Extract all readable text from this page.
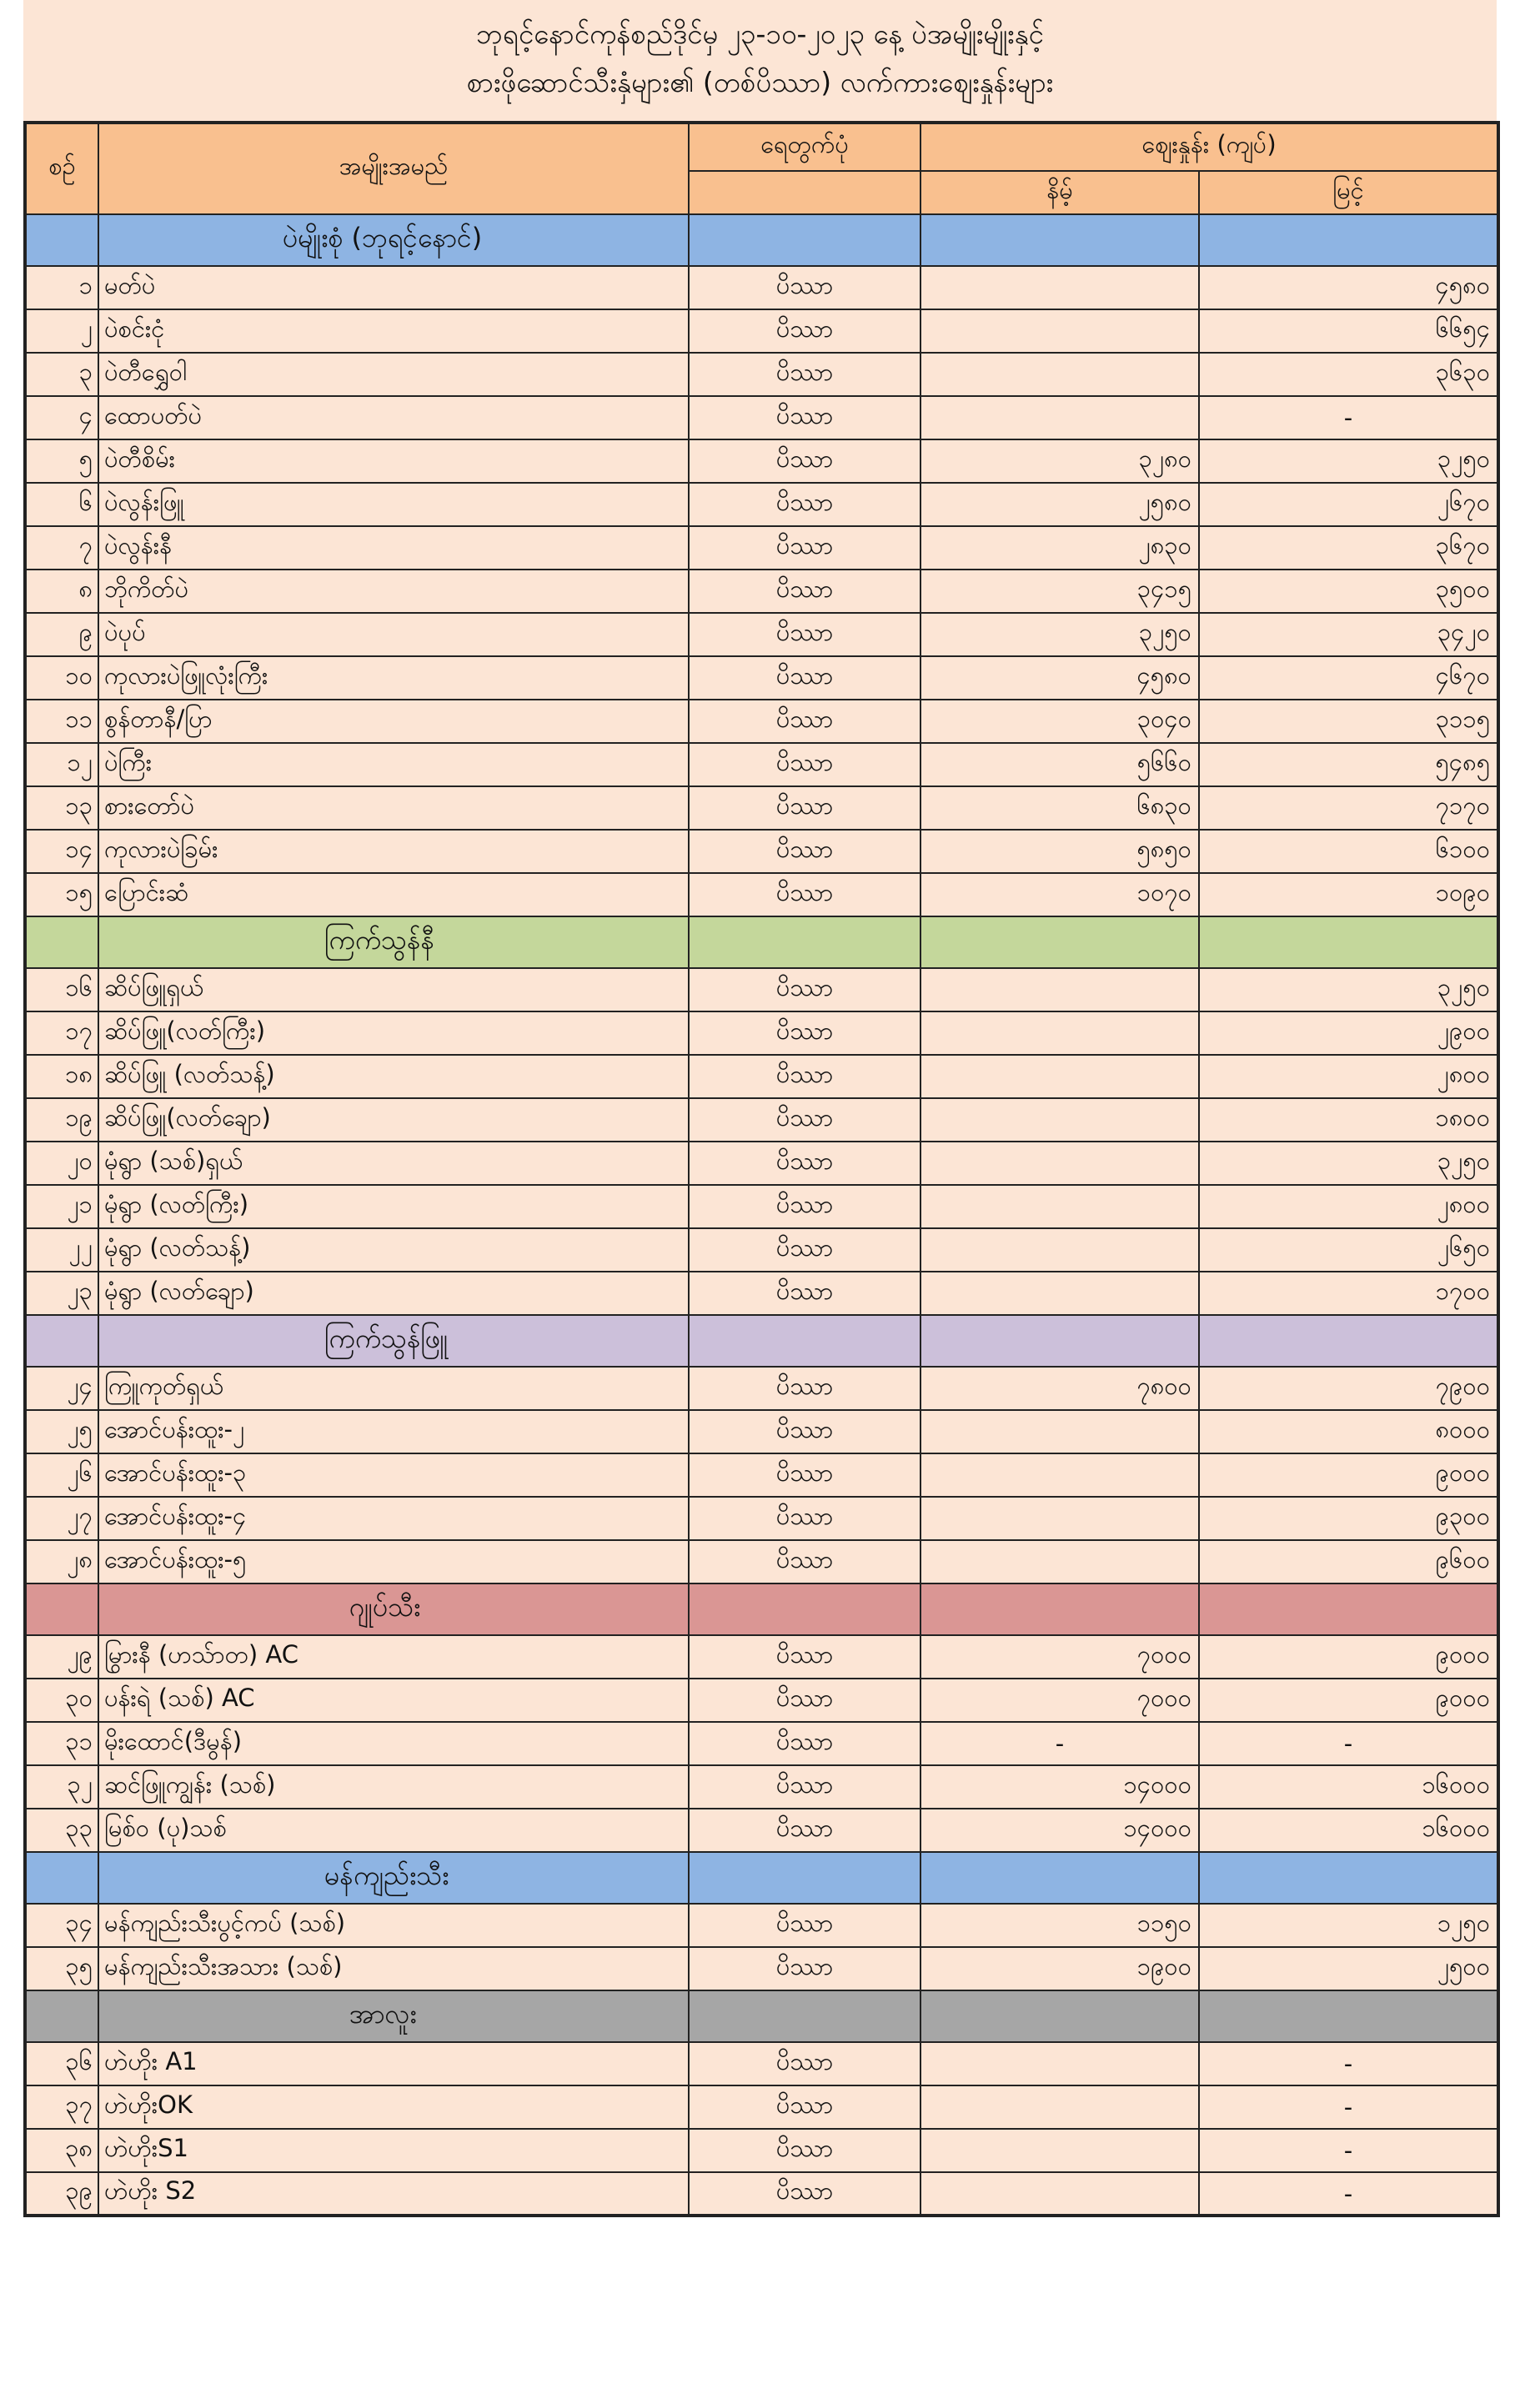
ဘုရင့်နောင်ကုန်စည်ဒိုင်မှ ၂၃-၁၀-၂၀၂၃ နေ့ ပဲအမျိုးမျိုးနှင့်
စားဖိုဆောင်သီးနှံများ၏ (တစ်ပိဿာ) လက်ကားဈေးနှုန်းများ
စဉ်	အမျိုးအမည်	ရေတွက်ပုံ	ဈေးနှုန်း (ကျပ်)	
			နိမ့်	မြင့်
	ပဲမျိုးစုံ (ဘုရင့်နောင်)			
၁	မတ်ပဲ	ပိဿာ		၄၅၈၀
၂	ပဲစင်းငုံ	ပိဿာ		၆၆၅၄
၃	ပဲတီရွှေဝါ	ပိဿာ		၃၆၃၀
၄	ထောပတ်ပဲ	ပိဿာ		-
၅	ပဲတီစိမ်း	ပိဿာ	၃၂၈၀	၃၂၅၀
၆	ပဲလွန်းဖြူ	ပိဿာ	၂၅၈၀	၂၆၇၀
၇	ပဲလွန်းနီ	ပိဿာ	၂၈၃၀	၃၆၇၀
၈	ဘိုကိတ်ပဲ	ပိဿာ	၃၄၁၅	၃၅၀၀
၉	ပဲပုပ်	ပိဿာ	၃၂၅၀	၃၄၂၀
၁၀	ကုလားပဲဖြူလုံးကြီး	ပိဿာ	၄၅၈၀	၄၆၇၀
၁၁	စွန်တာနီ/ပြာ	ပိဿာ	၃၀၄၀	၃၁၁၅
၁၂	ပဲကြီး	ပိဿာ	၅၆၆၀	၅၄၈၅
၁၃	စားတော်ပဲ	ပိဿာ	၆၈၃၀	၇၁၇၀
၁၄	ကုလားပဲခြမ်း	ပိဿာ	၅၈၅၀	၆၁၀၀
၁၅	ပြောင်းဆံ	ပိဿာ	၁၀၇၀	၁၀၉၀
	ကြက်သွန်နီ			
၁၆	ဆိပ်ဖြူရှယ်	ပိဿာ		၃၂၅၀
၁၇	ဆိပ်ဖြူ(လတ်ကြီး)	ပိဿာ		၂၉၀၀
၁၈	ဆိပ်ဖြူ (လတ်သန့်)	ပိဿာ		၂၈၀၀
၁၉	ဆိပ်ဖြူ(လတ်ချော)	ပိဿာ		၁၈၀၀
၂၀	မုံရွာ (သစ်)ရှယ်	ပိဿာ		၃၂၅၀
၂၁	မုံရွာ (လတ်ကြီး)	ပိဿာ		၂၈၀၀
၂၂	မုံရွာ (လတ်သန့်)	ပိဿာ		၂၆၅၀
၂၃	မုံရွာ (လတ်ချော)	ပိဿာ		၁၇၀၀
	ကြက်သွန်ဖြူ			
၂၄	ကြူကုတ်ရှယ်	ပိဿာ	၇၈၀၀	၇၉၀၀
၂၅	အောင်ပန်းထူး-၂	ပိဿာ		၈၀၀၀
၂၆	အောင်ပန်းထူး-၃	ပိဿာ		၉၀၀၀
၂၇	အောင်ပန်းထူး-၄	ပိဿာ		၉၃၀၀
၂၈	အောင်ပန်းထူး-၅	ပိဿာ		၉၆၀၀
	ဂျုပ်သီး			
၂၉	မြွားနီ (ဟသ်ာတ) AC	ပိဿာ	၇၀၀၀	၉၀၀၀
၃၀	ပန်းရဲ (သစ်) AC	ပိဿာ	၇၀၀၀	၉၀၀၀
၃၁	မိုးထောင်(ဒီမွန်)	ပိဿာ	-	-
၃၂	ဆင်ဖြူကျွန်း (သစ်)	ပိဿာ	၁၄၀၀၀	၁၆၀၀၀
၃၃	မြစ်ဝ (ပု)သစ်	ပိဿာ	၁၄၀၀၀	၁၆၀၀၀
	မန်ကျည်းသီး			
၃၄	မန်ကျည်းသီးပွင့်ကပ် (သစ်)	ပိဿာ	၁၁၅၀	၁၂၅၀
၃၅	မန်ကျည်းသီးအသား (သစ်)	ပိဿာ	၁၉၀၀	၂၅၀၀
	အာလူး			
၃၆	ဟဲဟိုး A1	ပိဿာ		-
၃၇	ဟဲဟိုးOK	ပိဿာ		-
၃၈	ဟဲဟိုးS1	ပိဿာ		-
၃၉	ဟဲဟိုး S2	ပိဿာ		-
